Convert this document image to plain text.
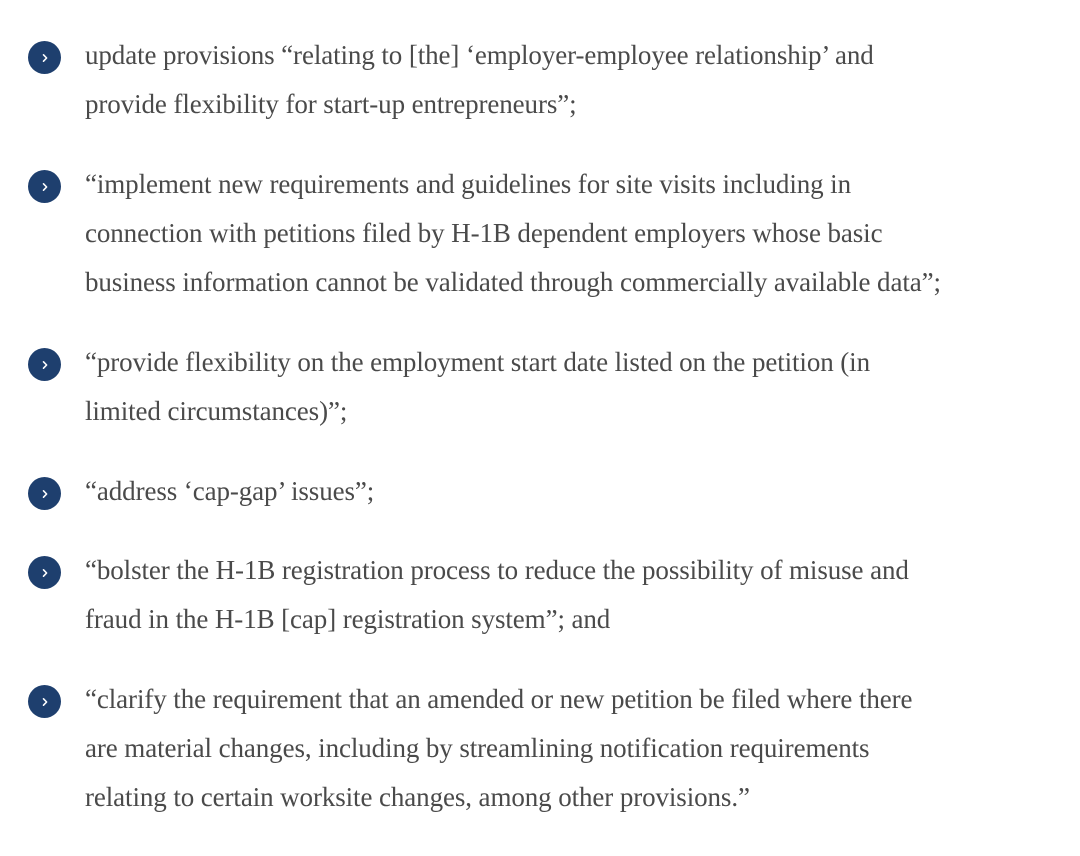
update provisions “relating to [the] ‘employer-employee relationship’ and
provide flexibility for start-up entrepreneurs”;
“implement new requirements and guidelines for site visits including in
connection with petitions filed by H-1B dependent employers whose basic
business information cannot be validated through commercially available data”;
“provide flexibility on the employment start date listed on the petition (in
limited circumstances)”;
“address ‘cap-gap’ issues”;
“bolster the H-1B registration process to reduce the possibility of misuse and
fraud in the H-1B [cap] registration system”; and
“clarify the requirement that an amended or new petition be filed where there
are material changes, including by streamlining notification requirements
relating to certain worksite changes, among other provisions.”
